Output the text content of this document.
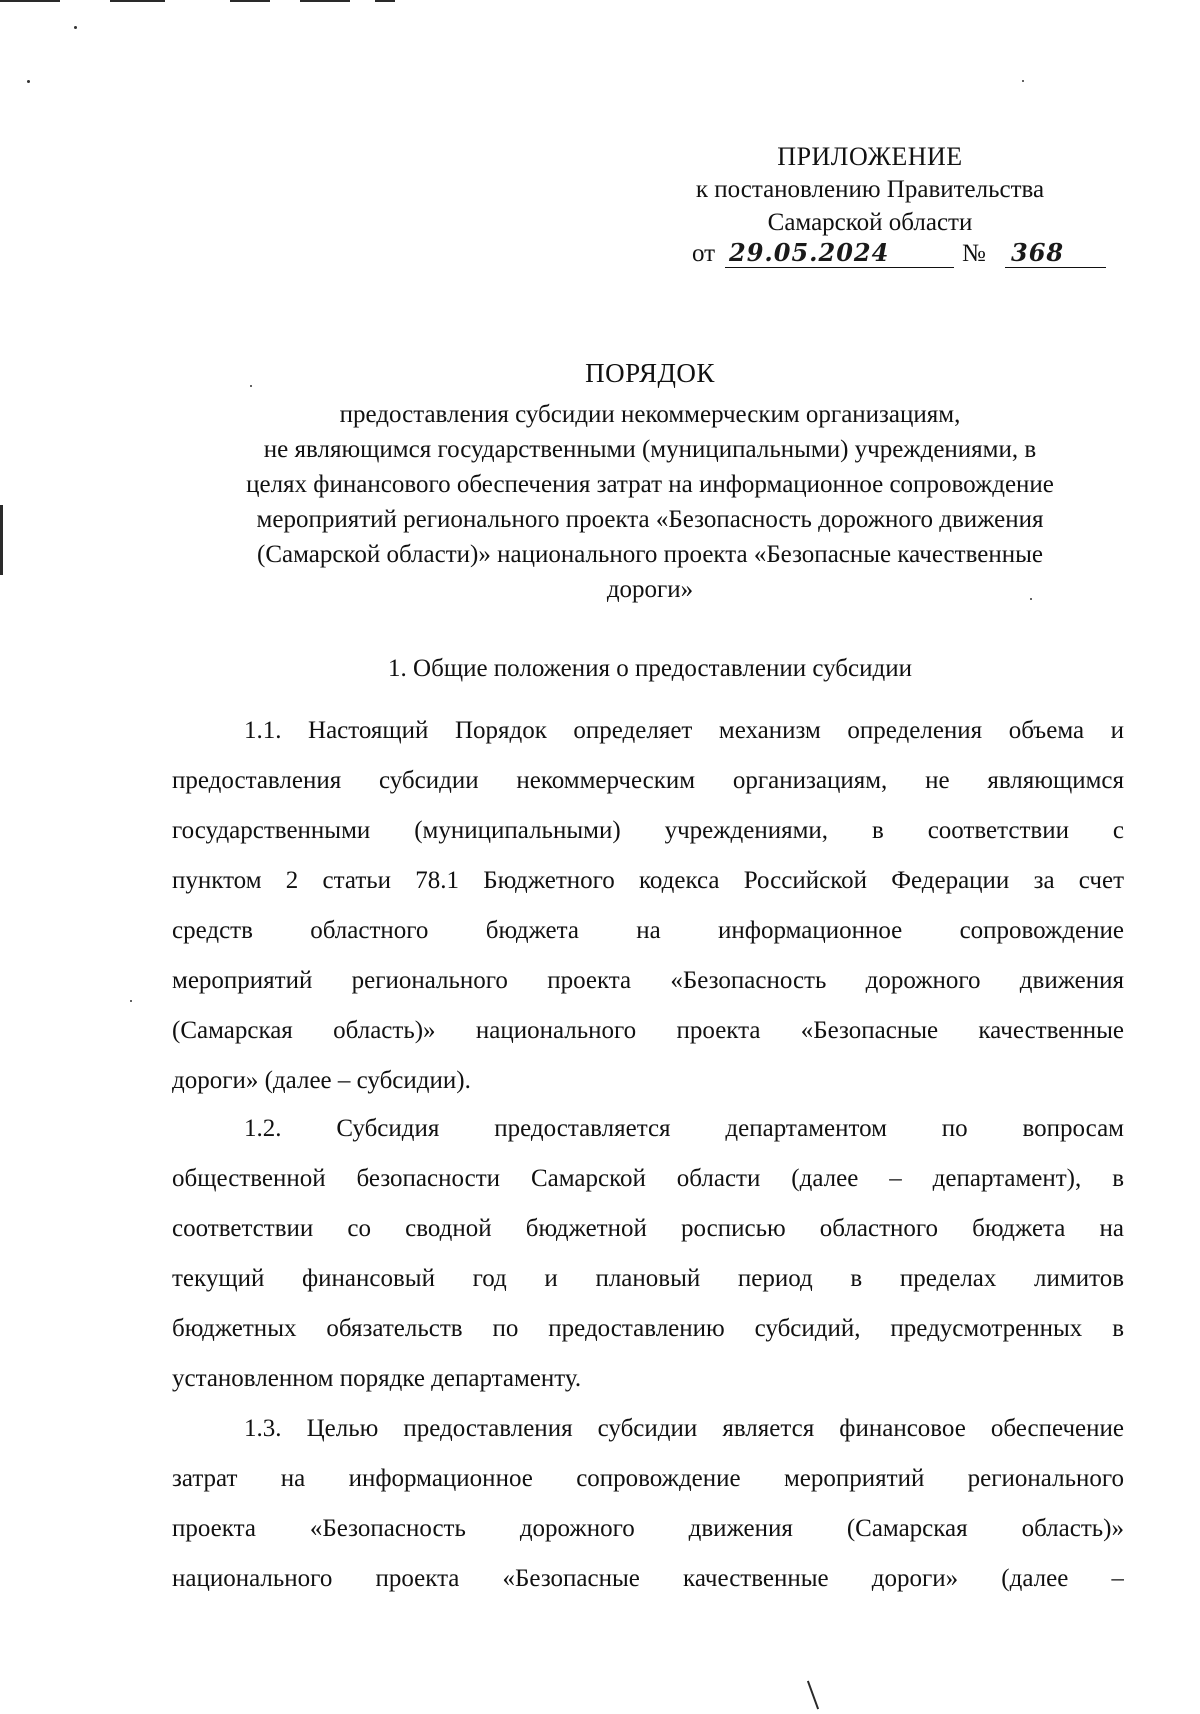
ПРИЛОЖЕНИЕ
к постановлению Правительства
Самарской области
от 29.05.2024	№ 368
ПОРЯДОК
предоставления субсидии некоммерческим организациям,
не являющимся государственными (муниципальными) учреждениями, в
целях финансового обеспечения затрат на информационное сопровождение
мероприятий регионального проекта «Безопасность дорожного движения
(Самарской области)» национального проекта «Безопасные качественные
дороги»
1. Общие положения о предоставлении субсидии
1.1. Настоящий Порядок определяет механизм определения объема и
предоставления субсидии некоммерческим организациям, не являющимся
государственными (муниципальными) учреждениями, в соответствии с
пунктом 2 статьи 78.1 Бюджетного кодекса Российской Федерации за счет
средств областного бюджета на информационное сопровождение
мероприятий регионального проекта «Безопасность дорожного движения
(Самарская область)» национального проекта «Безопасные качественные
дороги» (далее – субсидии).
1.2. Субсидия предоставляется департаментом по вопросам
общественной безопасности Самарской области (далее – департамент), в
соответствии со сводной бюджетной росписью областного бюджета на
текущий финансовый год и плановый период в пределах лимитов
бюджетных обязательств по предоставлению субсидий, предусмотренных в
установленном порядке департаменту.
1.3. Целью предоставления субсидии является финансовое обеспечение
затрат на информационное сопровождение мероприятий регионального
проекта «Безопасность дорожного движения (Самарская область)»
национального проекта «Безопасные качественные дороги» (далее –
